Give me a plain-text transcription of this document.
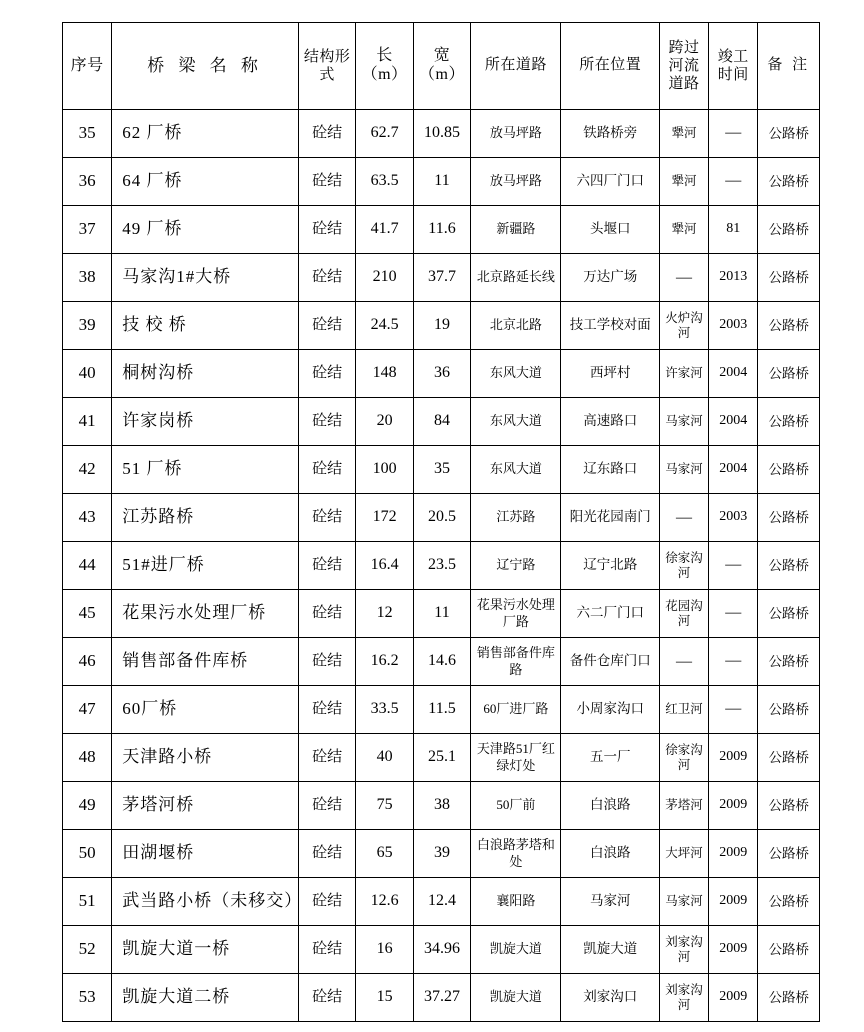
序号	桥 梁 名 称	结构形式	长（m）	宽（m）	所在道路	所在位置	跨过河流道路	竣工时间	备 注
35	62 厂桥	砼结	62.7	10.85	放马坪路	铁路桥旁	犟河	—	公路桥
36	64 厂桥	砼结	63.5	11	放马坪路	六四厂门口	犟河	—	公路桥
37	49 厂桥	砼结	41.7	11.6	新疆路	头堰口	犟河	81	公路桥
38	马家沟1#大桥	砼结	210	37.7	北京路延长线	万达广场	—	2013	公路桥
39	技 校 桥	砼结	24.5	19	北京北路	技工学校对面	火炉沟河	2003	公路桥
40	桐树沟桥	砼结	148	36	东风大道	西坪村	许家河	2004	公路桥
41	许家岗桥	砼结	20	84	东风大道	高速路口	马家河	2004	公路桥
42	51 厂桥	砼结	100	35	东风大道	辽东路口	马家河	2004	公路桥
43	江苏路桥	砼结	172	20.5	江苏路	阳光花园南门	—	2003	公路桥
44	51#进厂桥	砼结	16.4	23.5	辽宁路	辽宁北路	徐家沟河	—	公路桥
45	花果污水处理厂桥	砼结	12	11	花果污水处理厂路	六二厂门口	花园沟河	—	公路桥
46	销售部备件库桥	砼结	16.2	14.6	销售部备件库路	备件仓库门口	—	—	公路桥
47	60厂桥	砼结	33.5	11.5	60厂进厂路	小周家沟口	红卫河	—	公路桥
48	天津路小桥	砼结	40	25.1	天津路51厂红绿灯处	五一厂	徐家沟河	2009	公路桥
49	茅塔河桥	砼结	75	38	50厂前	白浪路	茅塔河	2009	公路桥
50	田湖堰桥	砼结	65	39	白浪路茅塔和处	白浪路	大坪河	2009	公路桥
51	武当路小桥（未移交）	砼结	12.6	12.4	襄阳路	马家河	马家河	2009	公路桥
52	凯旋大道一桥	砼结	16	34.96	凯旋大道	凯旋大道	刘家沟河	2009	公路桥
53	凯旋大道二桥	砼结	15	37.27	凯旋大道	刘家沟口	刘家沟河	2009	公路桥
